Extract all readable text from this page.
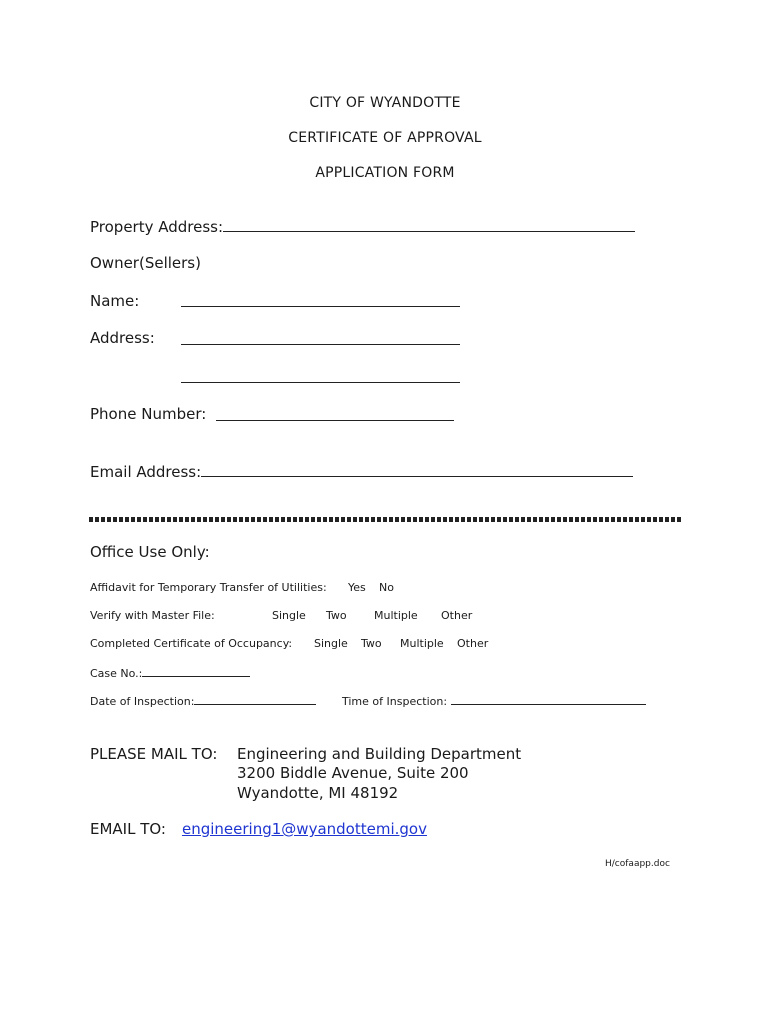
CITY OF WYANDOTTE
CERTIFICATE OF APPROVAL
APPLICATION FORM
Property Address:
Owner(Sellers)
Name:
Address:
Phone Number:
Email Address:
Office Use Only:
Affidavit for Temporary Transfer of Utilities: Yes No
Verify with Master File:	Single Two Multiple Other
Completed Certificate of Occupancy: Single Two Multiple Other
Case No.:
Date of Inspection:	Time of Inspection:
PLEASE MAIL TO: Engineering and Building Department
3200 Biddle Avenue, Suite 200
Wyandotte, MI 48192
EMAIL TO: engineering1@wyandottemi.gov
H/cofaapp.doc
